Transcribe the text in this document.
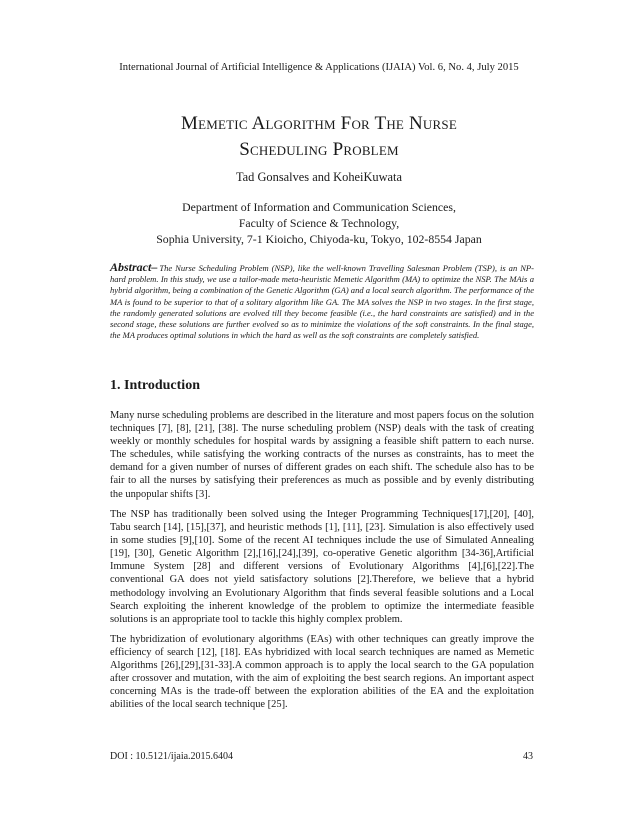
International Journal of Artificial Intelligence & Applications (IJAIA) Vol. 6, No. 4, July 2015
Memetic Algorithm For The Nurse
Scheduling Problem
Tad Gonsalves and KoheiKuwata
Department of Information and Communication Sciences,
Faculty of Science & Technology,
Sophia University, 7-1 Kioicho, Chiyoda-ku, Tokyo, 102-8554 Japan
Abstract– The Nurse Scheduling Problem (NSP), like the well-known Travelling Salesman Problem (TSP), is an NP-hard problem. In this study, we use a tailor-made meta-heuristic Memetic Algorithm (MA) to optimize the NSP. The MAis a hybrid algorithm, being a combination of the Genetic Algorithm (GA) and a local search algorithm. The performance of the MA is found to be superior to that of a solitary algorithm like GA. The MA solves the NSP in two stages. In the first stage, the randomly generated solutions are evolved till they become feasible (i.e., the hard constraints are satisfied) and in the second stage, these solutions are further evolved so as to minimize the violations of the soft constraints. In the final stage, the MA produces optimal solutions in which the hard as well as the soft constraints are completely satisfied.
1. Introduction

Many nurse scheduling problems are described in the literature and most papers focus on the solution techniques [7], [8], [21], [38]. The nurse scheduling problem (NSP) deals with the task of creating weekly or monthly schedules for hospital wards by assigning a feasible shift pattern to each nurse. The schedules, while satisfying the working contracts of the nurses as constraints, has to meet the demand for a given number of nurses of different grades on each shift. The schedule also has to be fair to all the nurses by satisfying their preferences as much as possible and by evenly distributing the unpopular shifts [3].

The NSP has traditionally been solved using the Integer Programming Techniques[17],[20], [40], Tabu search [14], [15],[37], and heuristic methods [1], [11], [23]. Simulation is also effectively used in some studies [9],[10]. Some of the recent AI techniques include the use of Simulated Annealing [19], [30], Genetic Algorithm [2],[16],[24],[39], co-operative Genetic algorithm [34-36],Artificial Immune System [28] and different versions of Evolutionary Algorithms [4],[6],[22].The conventional GA does not yield satisfactory solutions [2].Therefore, we believe that a hybrid methodology involving an Evolutionary Algorithm that finds several feasible solutions and a Local Search exploiting the inherent knowledge of the problem to optimize the intermediate feasible solutions is an appropriate tool to tackle this highly complex problem.

The hybridization of evolutionary algorithms (EAs) with other techniques can greatly improve the efficiency of search [12], [18]. EAs hybridized with local search techniques are named as Memetic Algorithms [26],[29],[31-33].A common approach is to apply the local search to the GA population after crossover and mutation, with the aim of exploiting the best search regions. An important aspect concerning MAs is the trade-off between the exploration abilities of the EA and the exploitation abilities of the local search technique [25].

DOI : 10.5121/ijaia.2015.6404	43
